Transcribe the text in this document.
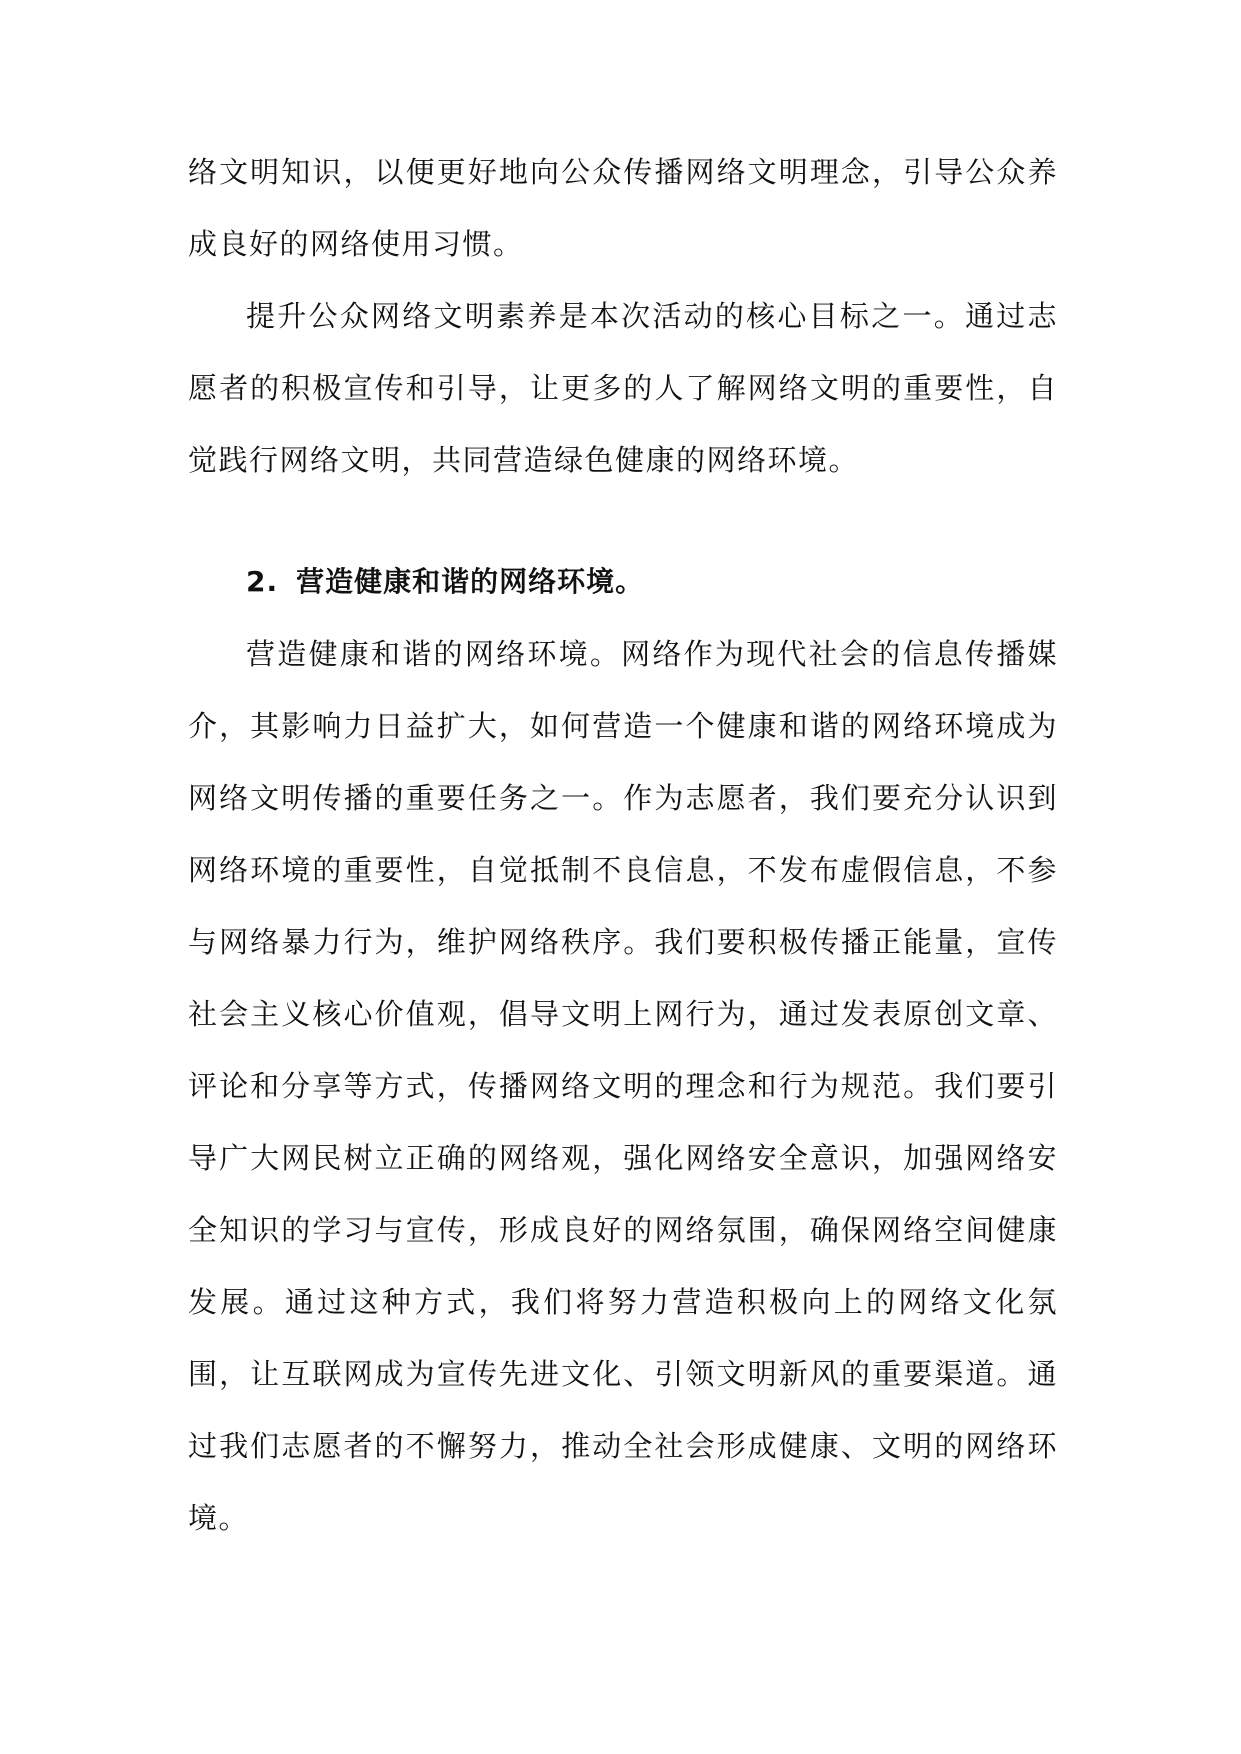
络文明知识，以便更好地向公众传播网络文明理念，引导公众养成良好的网络使用习惯。

提升公众网络文明素养是本次活动的核心目标之一。通过志愿者的积极宣传和引导，让更多的人了解网络文明的重要性，自觉践行网络文明，共同营造绿色健康的网络环境。

2. 营造健康和谐的网络环境。

营造健康和谐的网络环境。网络作为现代社会的信息传播媒介，其影响力日益扩大，如何营造一个健康和谐的网络环境成为网络文明传播的重要任务之一。作为志愿者，我们要充分认识到网络环境的重要性，自觉抵制不良信息，不发布虚假信息，不参与网络暴力行为，维护网络秩序。我们要积极传播正能量，宣传社会主义核心价值观，倡导文明上网行为，通过发表原创文章、评论和分享等方式，传播网络文明的理念和行为规范。我们要引导广大网民树立正确的网络观，强化网络安全意识，加强网络安全知识的学习与宣传，形成良好的网络氛围，确保网络空间健康发展。通过这种方式，我们将努力营造积极向上的网络文化氛围，让互联网成为宣传先进文化、引领文明新风的重要渠道。通过我们志愿者的不懈努力，推动全社会形成健康、文明的网络环境。
